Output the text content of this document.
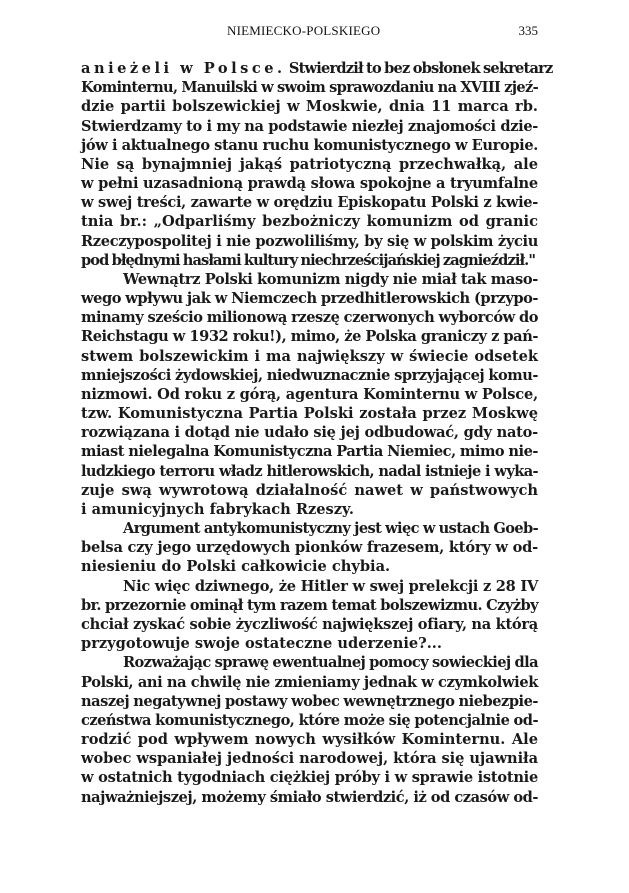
NIEMIECKO-POLSKIEGO	335
anieżeli w Polsce. Stwierdził to bez obsłonek sekretarz
Kominternu, Manuilski w swoim sprawozdaniu na XVIII zjeź-
dzie partii bolszewickiej w Moskwie, dnia 11 marca rb.
Stwierdzamy to i my na podstawie niezłej znajomości dzie-
jów i aktualnego stanu ruchu komunistycznego w Europie.
Nie są bynajmniej jakąś patriotyczną przechwałką, ale
w pełni uzasadnioną prawdą słowa spokojne a tryumfalne
w swej treści, zawarte w orędziu Episkopatu Polski z kwie-
tnia br.: „Odparliśmy bezbożniczy komunizm od granic
Rzeczypospolitej i nie pozwoliliśmy, by się w polskim życiu
pod błędnymi hasłami kultury niechrześcijańskiej zagnieździł."
Wewnątrz Polski komunizm nigdy nie miał tak maso-
wego wpływu jak w Niemczech przedhitlerowskich (przypo-
minamy sześcio milionową rzeszę czerwonych wyborców do
Reichstagu w 1932 roku!), mimo, że Polska graniczy z pań-
stwem bolszewickim i ma największy w świecie odsetek
mniejszości żydowskiej, niedwuznacznie sprzyjającej komu-
nizmowi. Od roku z górą, agentura Kominternu w Polsce,
tzw. Komunistyczna Partia Polski została przez Moskwę
rozwiązana i dotąd nie udało się jej odbudować, gdy nato-
miast nielegalna Komunistyczna Partia Niemiec, mimo nie-
ludzkiego terroru władz hitlerowskich, nadal istnieje i wyka-
zuje swą wywrotową działalność nawet w państwowych
i amunicyjnych fabrykach Rzeszy.
Argument antykomunistyczny jest więc w ustach Goeb-
belsa czy jego urzędowych pionków frazesem, który w od-
niesieniu do Polski całkowicie chybia.
Nic więc dziwnego, że Hitler w swej prelekcji z 28 IV
br. przezornie ominął tym razem temat bolszewizmu. Czyżby
chciał zyskać sobie życzliwość największej ofiary, na którą
przygotowuje swoje ostateczne uderzenie?...
Rozważając sprawę ewentualnej pomocy sowieckiej dla
Polski, ani na chwilę nie zmieniamy jednak w czymkolwiek
naszej negatywnej postawy wobec wewnętrznego niebezpie-
czeństwa komunistycznego, które może się potencjalnie od-
rodzić pod wpływem nowych wysiłków Kominternu. Ale
wobec wspaniałej jedności narodowej, która się ujawniła
w ostatnich tygodniach ciężkiej próby i w sprawie istotnie
najważniejszej, możemy śmiało stwierdzić, iż od czasów od-
